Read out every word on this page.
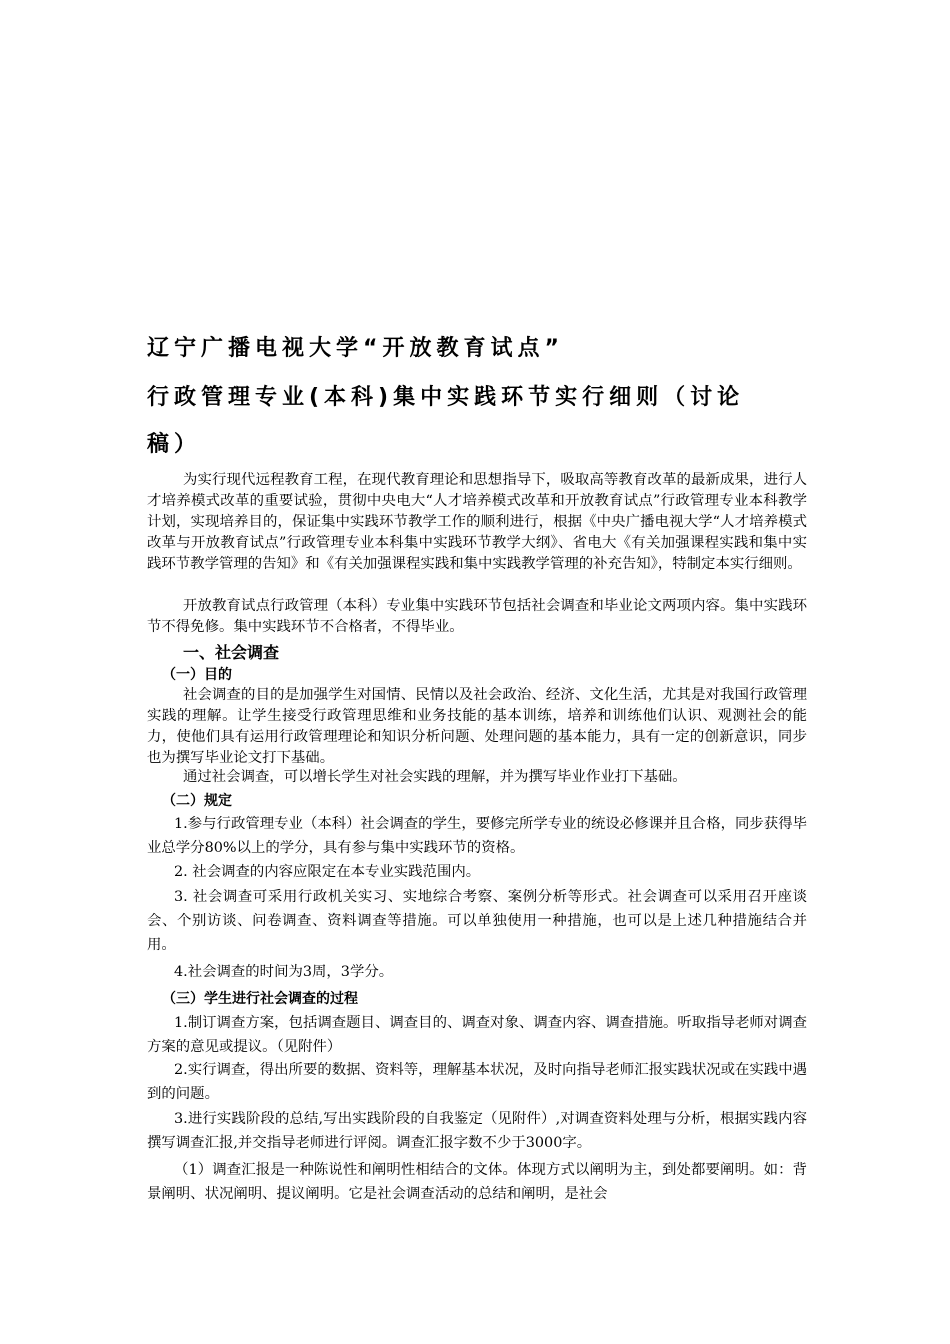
辽宁广播电视大学“开放教育试点”
行政管理专业(本科)集中实践环节实行细则（讨论
稿）

为实行现代远程教育工程，在现代教育理论和思想指导下，吸取高等教育改革的最新成果，进行人才培养模式改革的重要试验，贯彻中央电大“人才培养模式改革和开放教育试点”行政管理专业本科教学计划，实现培养目的，保证集中实践环节教学工作的顺利进行，根据《中央广播电视大学“人才培养模式改革与开放教育试点”行政管理专业本科集中实践环节教学大纲》、省电大《有关加强课程实践和集中实践环节教学管理的告知》和《有关加强课程实践和集中实践教学管理的补充告知》，特制定本实行细则。

开放教育试点行政管理（本科）专业集中实践环节包括社会调查和毕业论文两项内容。集中实践环节不得免修。集中实践环节不合格者，不得毕业。

一、社会调查
（一）目的

社会调查的目的是加强学生对国情、民情以及社会政治、经济、文化生活，尤其是对我国行政管理实践的理解。让学生接受行政管理思维和业务技能的基本训练，培养和训练他们认识、观测社会的能力，使他们具有运用行政管理理论和知识分析问题、处理问题的基本能力，具有一定的创新意识，同步也为撰写毕业论文打下基础。

通过社会调查，可以增长学生对社会实践的理解，并为撰写毕业作业打下基础。

（二）规定

1.参与行政管理专业（本科）社会调查的学生，要修完所学专业的统设必修课并且合格，同步获得毕业总学分80%以上的学分，具有参与集中实践环节的资格。

2. 社会调查的内容应限定在本专业实践范围内。

3. 社会调查可采用行政机关实习、实地综合考察、案例分析等形式。社会调查可以采用召开座谈会、个别访谈、问卷调查、资料调查等措施。可以单独使用一种措施，也可以是上述几种措施结合并用。

4.社会调查的时间为3周，3学分。

（三）学生进行社会调查的过程

1.制订调查方案，包括调查题目、调查目的、调查对象、调查内容、调查措施。听取指导老师对调查方案的意见或提议。（见附件）

2.实行调查，得出所要的数据、资料等，理解基本状况，及时向指导老师汇报实践状况或在实践中遇到的问题。

3.进行实践阶段的总结,写出实践阶段的自我鉴定（见附件）,对调查资料处理与分析，根据实践内容撰写调查汇报,并交指导老师进行评阅。调查汇报字数不少于3000字。

（1）调查汇报是一种陈说性和阐明性相结合的文体。体现方式以阐明为主，到处都要阐明。如：背景阐明、状况阐明、提议阐明。它是社会调查活动的总结和阐明，是社会
